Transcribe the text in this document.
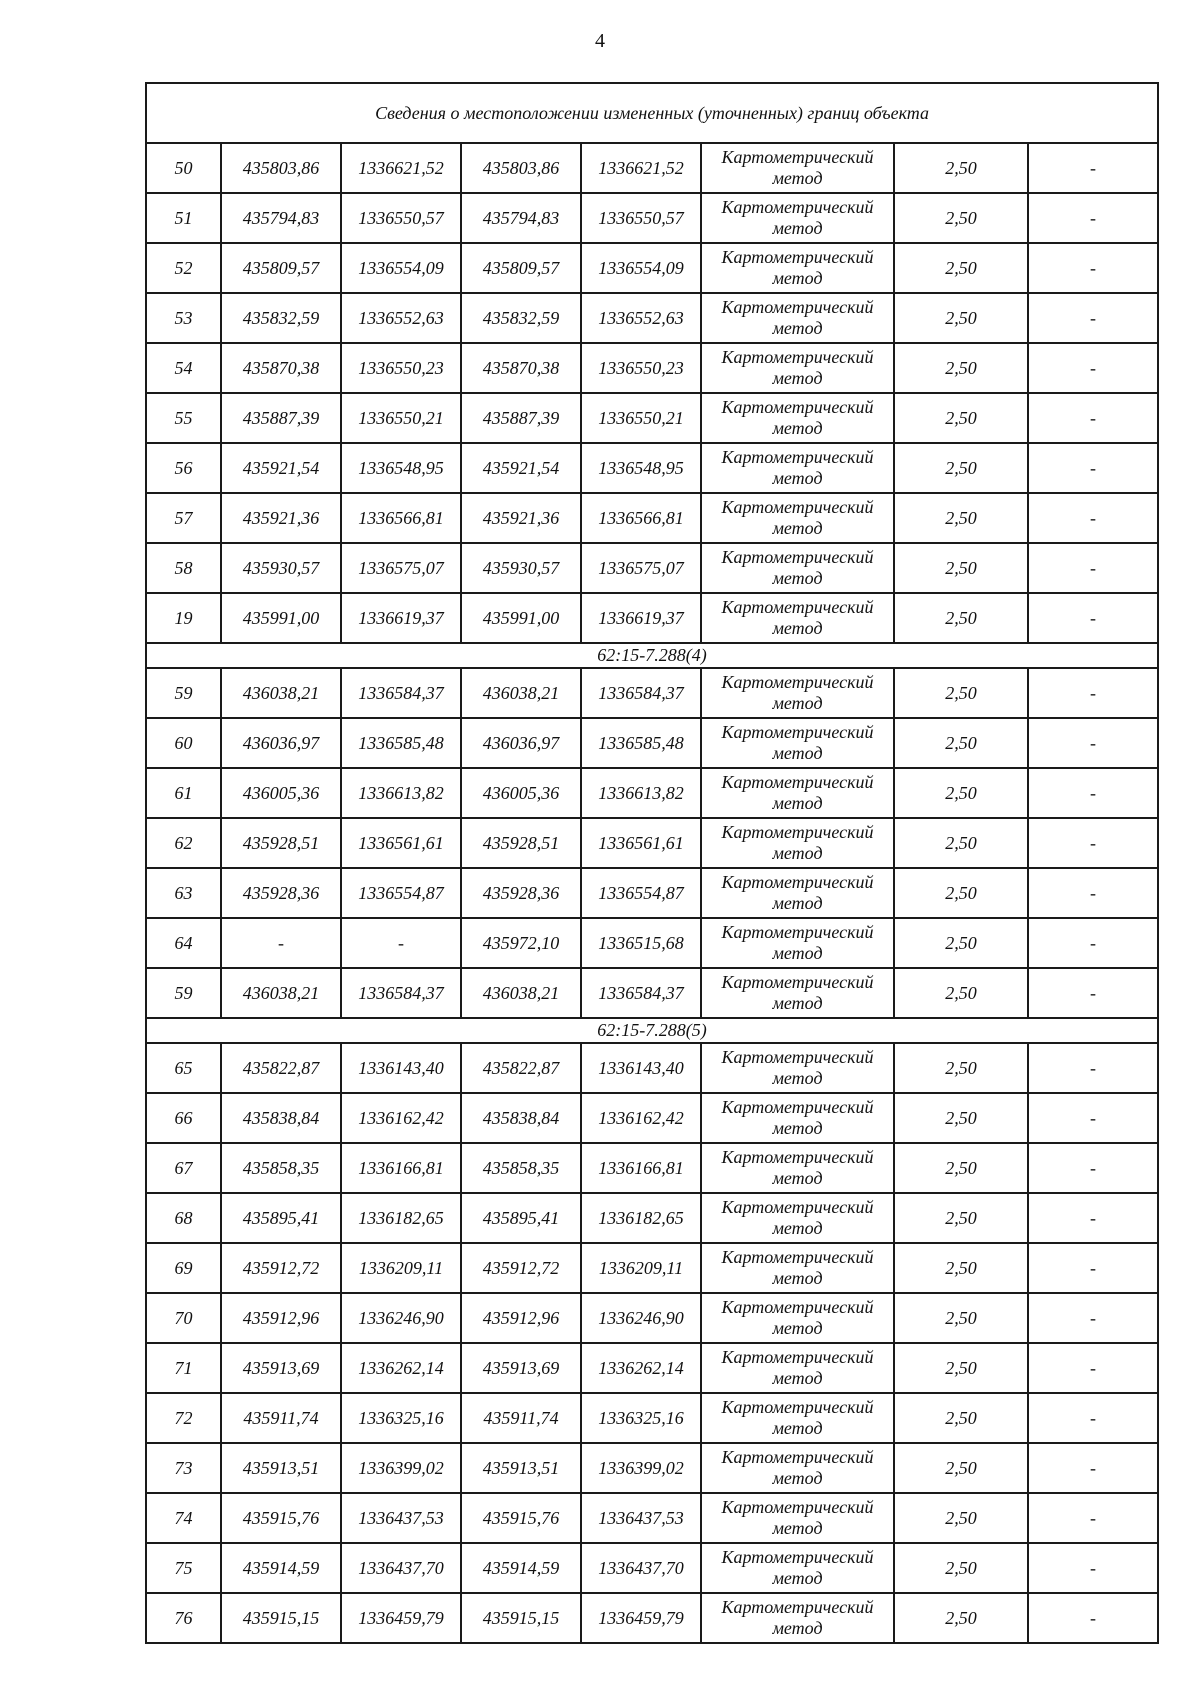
4
Сведения о местоположении измененных (уточненных) границ объекта							
50	435803,86	1336621,52	435803,86	1336621,52	Картометрический
метод	2,50	-
51	435794,83	1336550,57	435794,83	1336550,57	Картометрический
метод	2,50	-
52	435809,57	1336554,09	435809,57	1336554,09	Картометрический
метод	2,50	-
53	435832,59	1336552,63	435832,59	1336552,63	Картометрический
метод	2,50	-
54	435870,38	1336550,23	435870,38	1336550,23	Картометрический
метод	2,50	-
55	435887,39	1336550,21	435887,39	1336550,21	Картометрический
метод	2,50	-
56	435921,54	1336548,95	435921,54	1336548,95	Картометрический
метод	2,50	-
57	435921,36	1336566,81	435921,36	1336566,81	Картометрический
метод	2,50	-
58	435930,57	1336575,07	435930,57	1336575,07	Картометрический
метод	2,50	-
19	435991,00	1336619,37	435991,00	1336619,37	Картометрический
метод	2,50	-
62:15-7.288(4)							
59	436038,21	1336584,37	436038,21	1336584,37	Картометрический
метод	2,50	-
60	436036,97	1336585,48	436036,97	1336585,48	Картометрический
метод	2,50	-
61	436005,36	1336613,82	436005,36	1336613,82	Картометрический
метод	2,50	-
62	435928,51	1336561,61	435928,51	1336561,61	Картометрический
метод	2,50	-
63	435928,36	1336554,87	435928,36	1336554,87	Картометрический
метод	2,50	-
64	-	-	435972,10	1336515,68	Картометрический
метод	2,50	-
59	436038,21	1336584,37	436038,21	1336584,37	Картометрический
метод	2,50	-
62:15-7.288(5)							
65	435822,87	1336143,40	435822,87	1336143,40	Картометрический
метод	2,50	-
66	435838,84	1336162,42	435838,84	1336162,42	Картометрический
метод	2,50	-
67	435858,35	1336166,81	435858,35	1336166,81	Картометрический
метод	2,50	-
68	435895,41	1336182,65	435895,41	1336182,65	Картометрический
метод	2,50	-
69	435912,72	1336209,11	435912,72	1336209,11	Картометрический
метод	2,50	-
70	435912,96	1336246,90	435912,96	1336246,90	Картометрический
метод	2,50	-
71	435913,69	1336262,14	435913,69	1336262,14	Картометрический
метод	2,50	-
72	435911,74	1336325,16	435911,74	1336325,16	Картометрический
метод	2,50	-
73	435913,51	1336399,02	435913,51	1336399,02	Картометрический
метод	2,50	-
74	435915,76	1336437,53	435915,76	1336437,53	Картометрический
метод	2,50	-
75	435914,59	1336437,70	435914,59	1336437,70	Картометрический
метод	2,50	-
76	435915,15	1336459,79	435915,15	1336459,79	Картометрический
метод	2,50	-
